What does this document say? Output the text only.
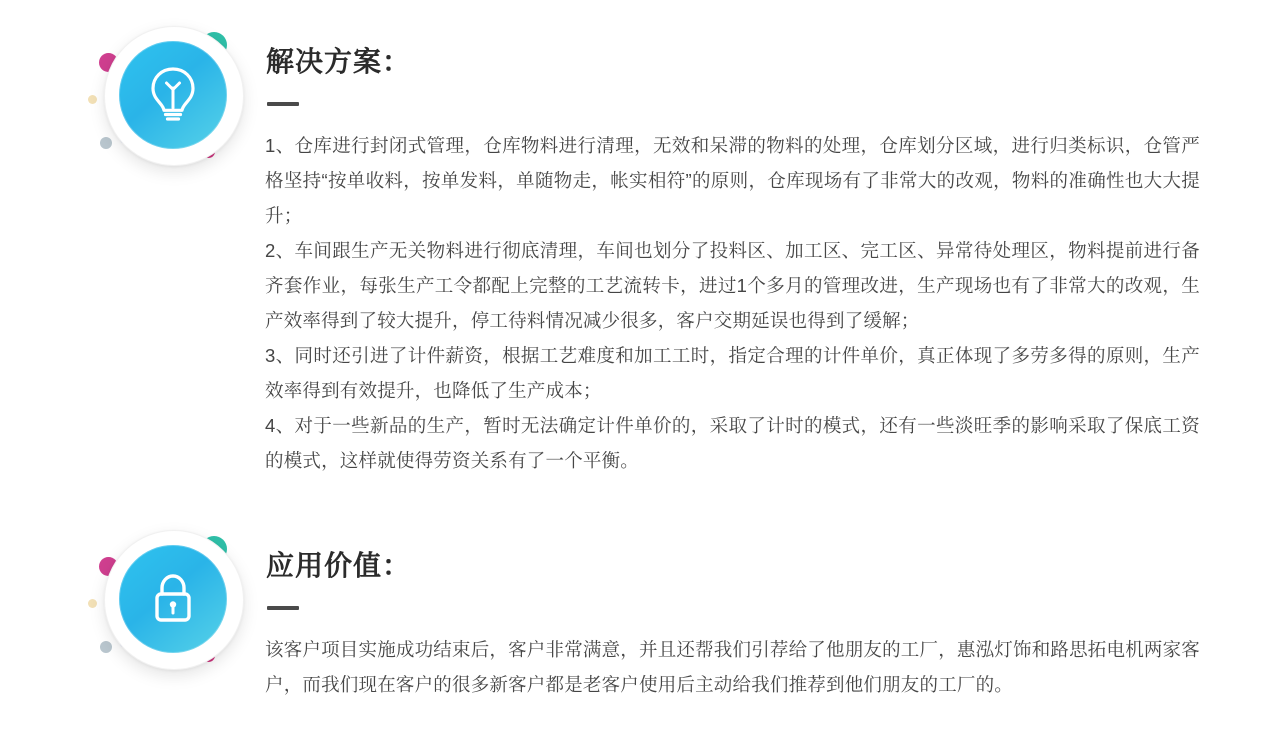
解决方案：

1、仓库进行封闭式管理，仓库物料进行清理，无效和呆滞的物料的处理，仓库划分区域，进行归类标识，仓管严格坚持“按单收料，按单发料，单随物走，帐实相符”的原则，仓库现场有了非常大的改观，物料的准确性也大大提升；

2、车间跟生产无关物料进行彻底清理，车间也划分了投料区、加工区、完工区、异常待处理区，物料提前进行备齐套作业，每张生产工令都配上完整的工艺流转卡，进过1个多月的管理改进，生产现场也有了非常大的改观，生产效率得到了较大提升，停工待料情况减少很多，客户交期延误也得到了缓解；

3、同时还引进了计件薪资，根据工艺难度和加工工时，指定合理的计件单价，真正体现了多劳多得的原则，生产效率得到有效提升，也降低了生产成本；

4、对于一些新品的生产，暂时无法确定计件单价的，采取了计时的模式，还有一些淡旺季的影响采取了保底工资的模式，这样就使得劳资关系有了一个平衡。

应用价值：

该客户项目实施成功结束后，客户非常满意，并且还帮我们引荐给了他朋友的工厂，惠泓灯饰和路思拓电机两家客户，而我们现在客户的很多新客户都是老客户使用后主动给我们推荐到他们朋友的工厂的。
